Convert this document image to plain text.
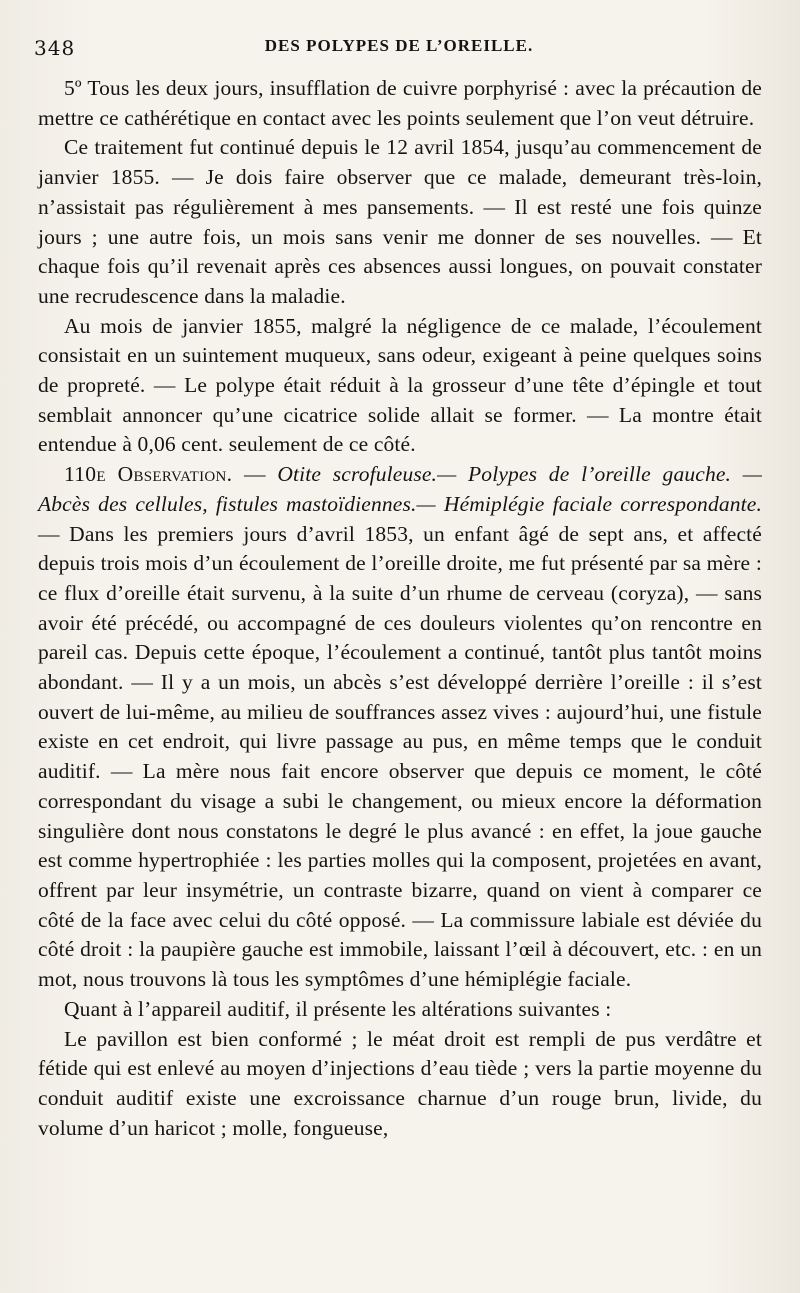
348	DES POLYPES DE L’OREILLE.

5º Tous les deux jours, insufflation de cuivre porphyrisé : avec la précaution de mettre ce cathérétique en contact avec les points seulement que l’on veut détruire.

Ce traitement fut continué depuis le 12 avril 1854, jusqu’au commencement de janvier 1855. — Je dois faire observer que ce malade, demeurant très-loin, n’assistait pas régulièrement à mes pansements. — Il est resté une fois quinze jours ; une autre fois, un mois sans venir me donner de ses nouvelles. — Et chaque fois qu’il revenait après ces absences aussi longues, on pouvait constater une recrudescence dans la maladie.

Au mois de janvier 1855, malgré la négligence de ce malade, l’écoulement consistait en un suintement muqueux, sans odeur, exigeant à peine quelques soins de propreté. — Le polype était réduit à la grosseur d’une tête d’épingle et tout semblait annoncer qu’une cicatrice solide allait se former. — La montre était entendue à 0,06 cent. seulement de ce côté.

110e Observation. — Otite scrofuleuse.— Polypes de l’oreille gauche. — Abcès des cellules, fistules mastoïdiennes.— Hémiplégie faciale correspondante. — Dans les premiers jours d’avril 1853, un enfant âgé de sept ans, et affecté depuis trois mois d’un écoulement de l’oreille droite, me fut présenté par sa mère : ce flux d’oreille était survenu, à la suite d’un rhume de cerveau (coryza), — sans avoir été précédé, ou accompagné de ces douleurs violentes qu’on rencontre en pareil cas. Depuis cette époque, l’écoulement a continué, tantôt plus tantôt moins abondant. — Il y a un mois, un abcès s’est développé derrière l’oreille : il s’est ouvert de lui-même, au milieu de souffrances assez vives : aujourd’hui, une fistule existe en cet endroit, qui livre passage au pus, en même temps que le conduit auditif. — La mère nous fait encore observer que depuis ce moment, le côté correspondant du visage a subi le changement, ou mieux encore la déformation singulière dont nous constatons le degré le plus avancé : en effet, la joue gauche est comme hypertrophiée : les parties molles qui la composent, projetées en avant, offrent par leur insymétrie, un contraste bizarre, quand on vient à comparer ce côté de la face avec celui du côté opposé. — La commissure labiale est déviée du côté droit : la paupière gauche est immobile, laissant l’œil à découvert, etc. : en un mot, nous trouvons là tous les symptômes d’une hémiplégie faciale.

Quant à l’appareil auditif, il présente les altérations suivantes :

Le pavillon est bien conformé ; le méat droit est rempli de pus verdâtre et fétide qui est enlevé au moyen d’injections d’eau tiède ; vers la partie moyenne du conduit auditif existe une excroissance charnue d’un rouge brun, livide, du volume d’un haricot ; molle, fongueuse,
